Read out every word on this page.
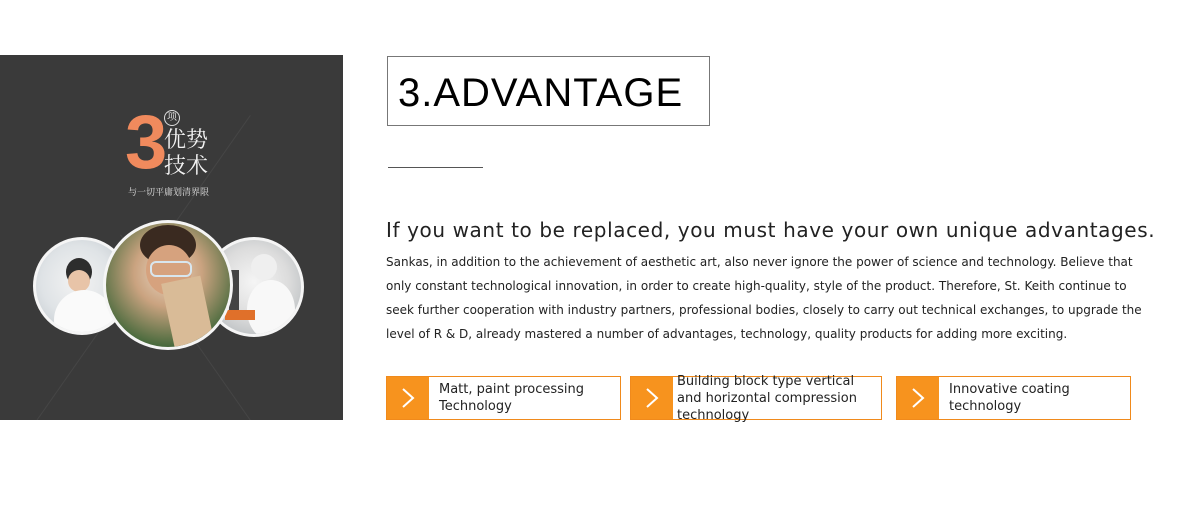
3 项
优势
技术
与一切平庸划清界限
3.ADVANTAGE
If you want to be replaced, you must have your own unique advantages.
Sankas, in addition to the achievement of aesthetic art, also never ignore the power of science and technology. Believe that only constant technological innovation, in order to create high-quality, style of the product. Therefore, St. Keith continue to seek further cooperation with industry partners, professional bodies, closely to carry out technical exchanges, to upgrade the level of R & D, already mastered a number of advantages, technology, quality products for adding more exciting.
Matt, paint processing Technology
Building block type vertical and horizontal compression technology
Innovative coating technology
